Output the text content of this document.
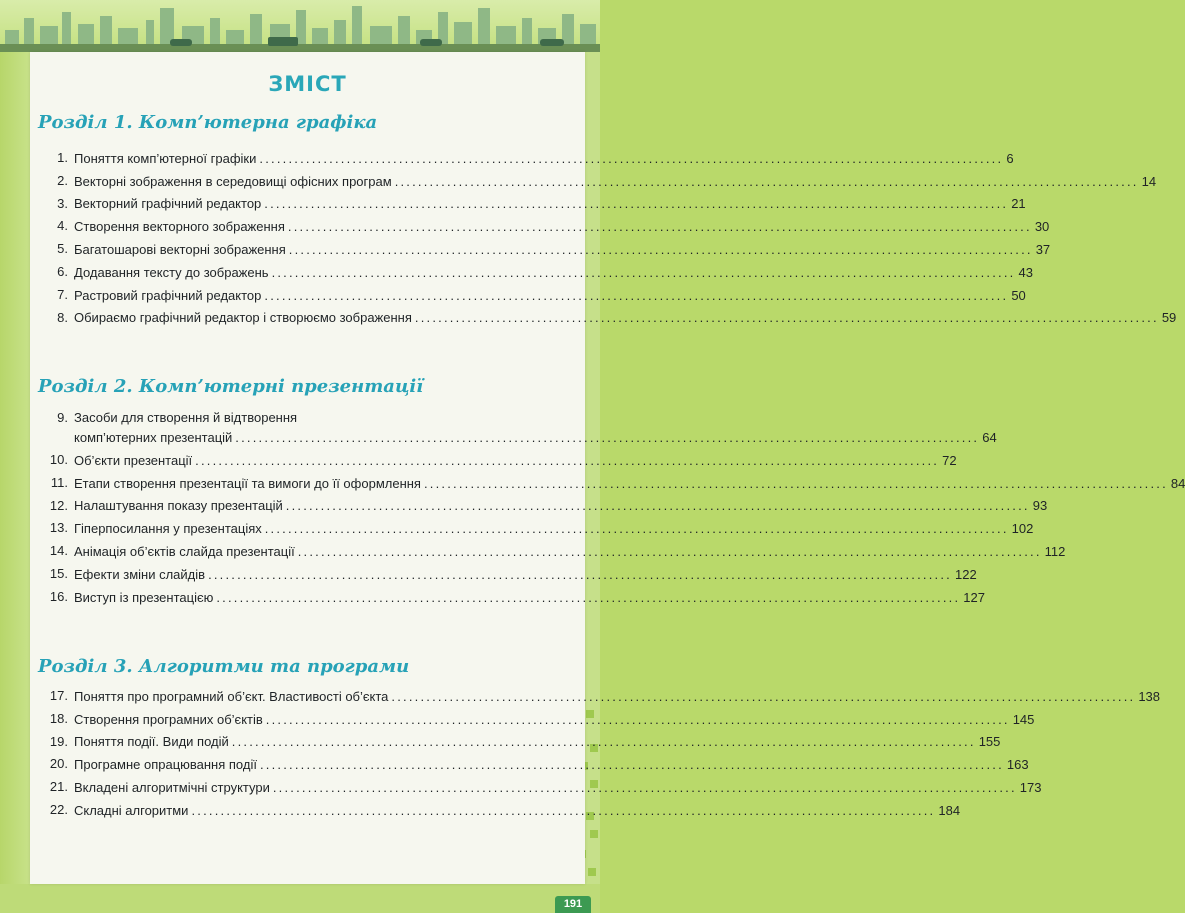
ЗМІСТ
Розділ 1. Комп’ютерна графіка
1. Поняття комп’ютерної графіки ................................................................................................................................ 6
2. Векторні зображення в середовищі офісних програм ................................................................................................................................ 14
3. Векторний графічний редактор ................................................................................................................................ 21
4. Створення векторного зображення ................................................................................................................................ 30
5. Багатошарові векторні зображення ................................................................................................................................ 37
6. Додавання тексту до зображень ................................................................................................................................ 43
7. Растровий графічний редактор ................................................................................................................................ 50
8. Обираємо графічний редактор і створюємо зображення ................................................................................................................................ 59
Розділ 2. Комп’ютерні презентації
9. Засоби для створення й відтворення
комп’ютерних презентацій ................................................................................................................................ 64
10. Об’єкти презентації ................................................................................................................................ 72
11. Етапи створення презентації та вимоги до її оформлення ................................................................................................................................ 84
12. Налаштування показу презентацій ................................................................................................................................ 93
13. Гіперпосилання у презентаціях ................................................................................................................................ 102
14. Анімація об’єктів слайда презентації ................................................................................................................................ 112
15. Ефекти зміни слайдів ................................................................................................................................ 122
16. Виступ із презентацією ................................................................................................................................ 127
Розділ 3. Алгоритми та програми
17. Поняття про програмний об’єкт. Властивості об’єкта ................................................................................................................................ 138
18. Створення програмних об’єктів ................................................................................................................................ 145
19. Поняття події. Види подій ................................................................................................................................ 155
20. Програмне опрацювання події ................................................................................................................................ 163
21. Вкладені алгоритмічні структури ................................................................................................................................ 173
22. Складні алгоритми ................................................................................................................................ 184
191
